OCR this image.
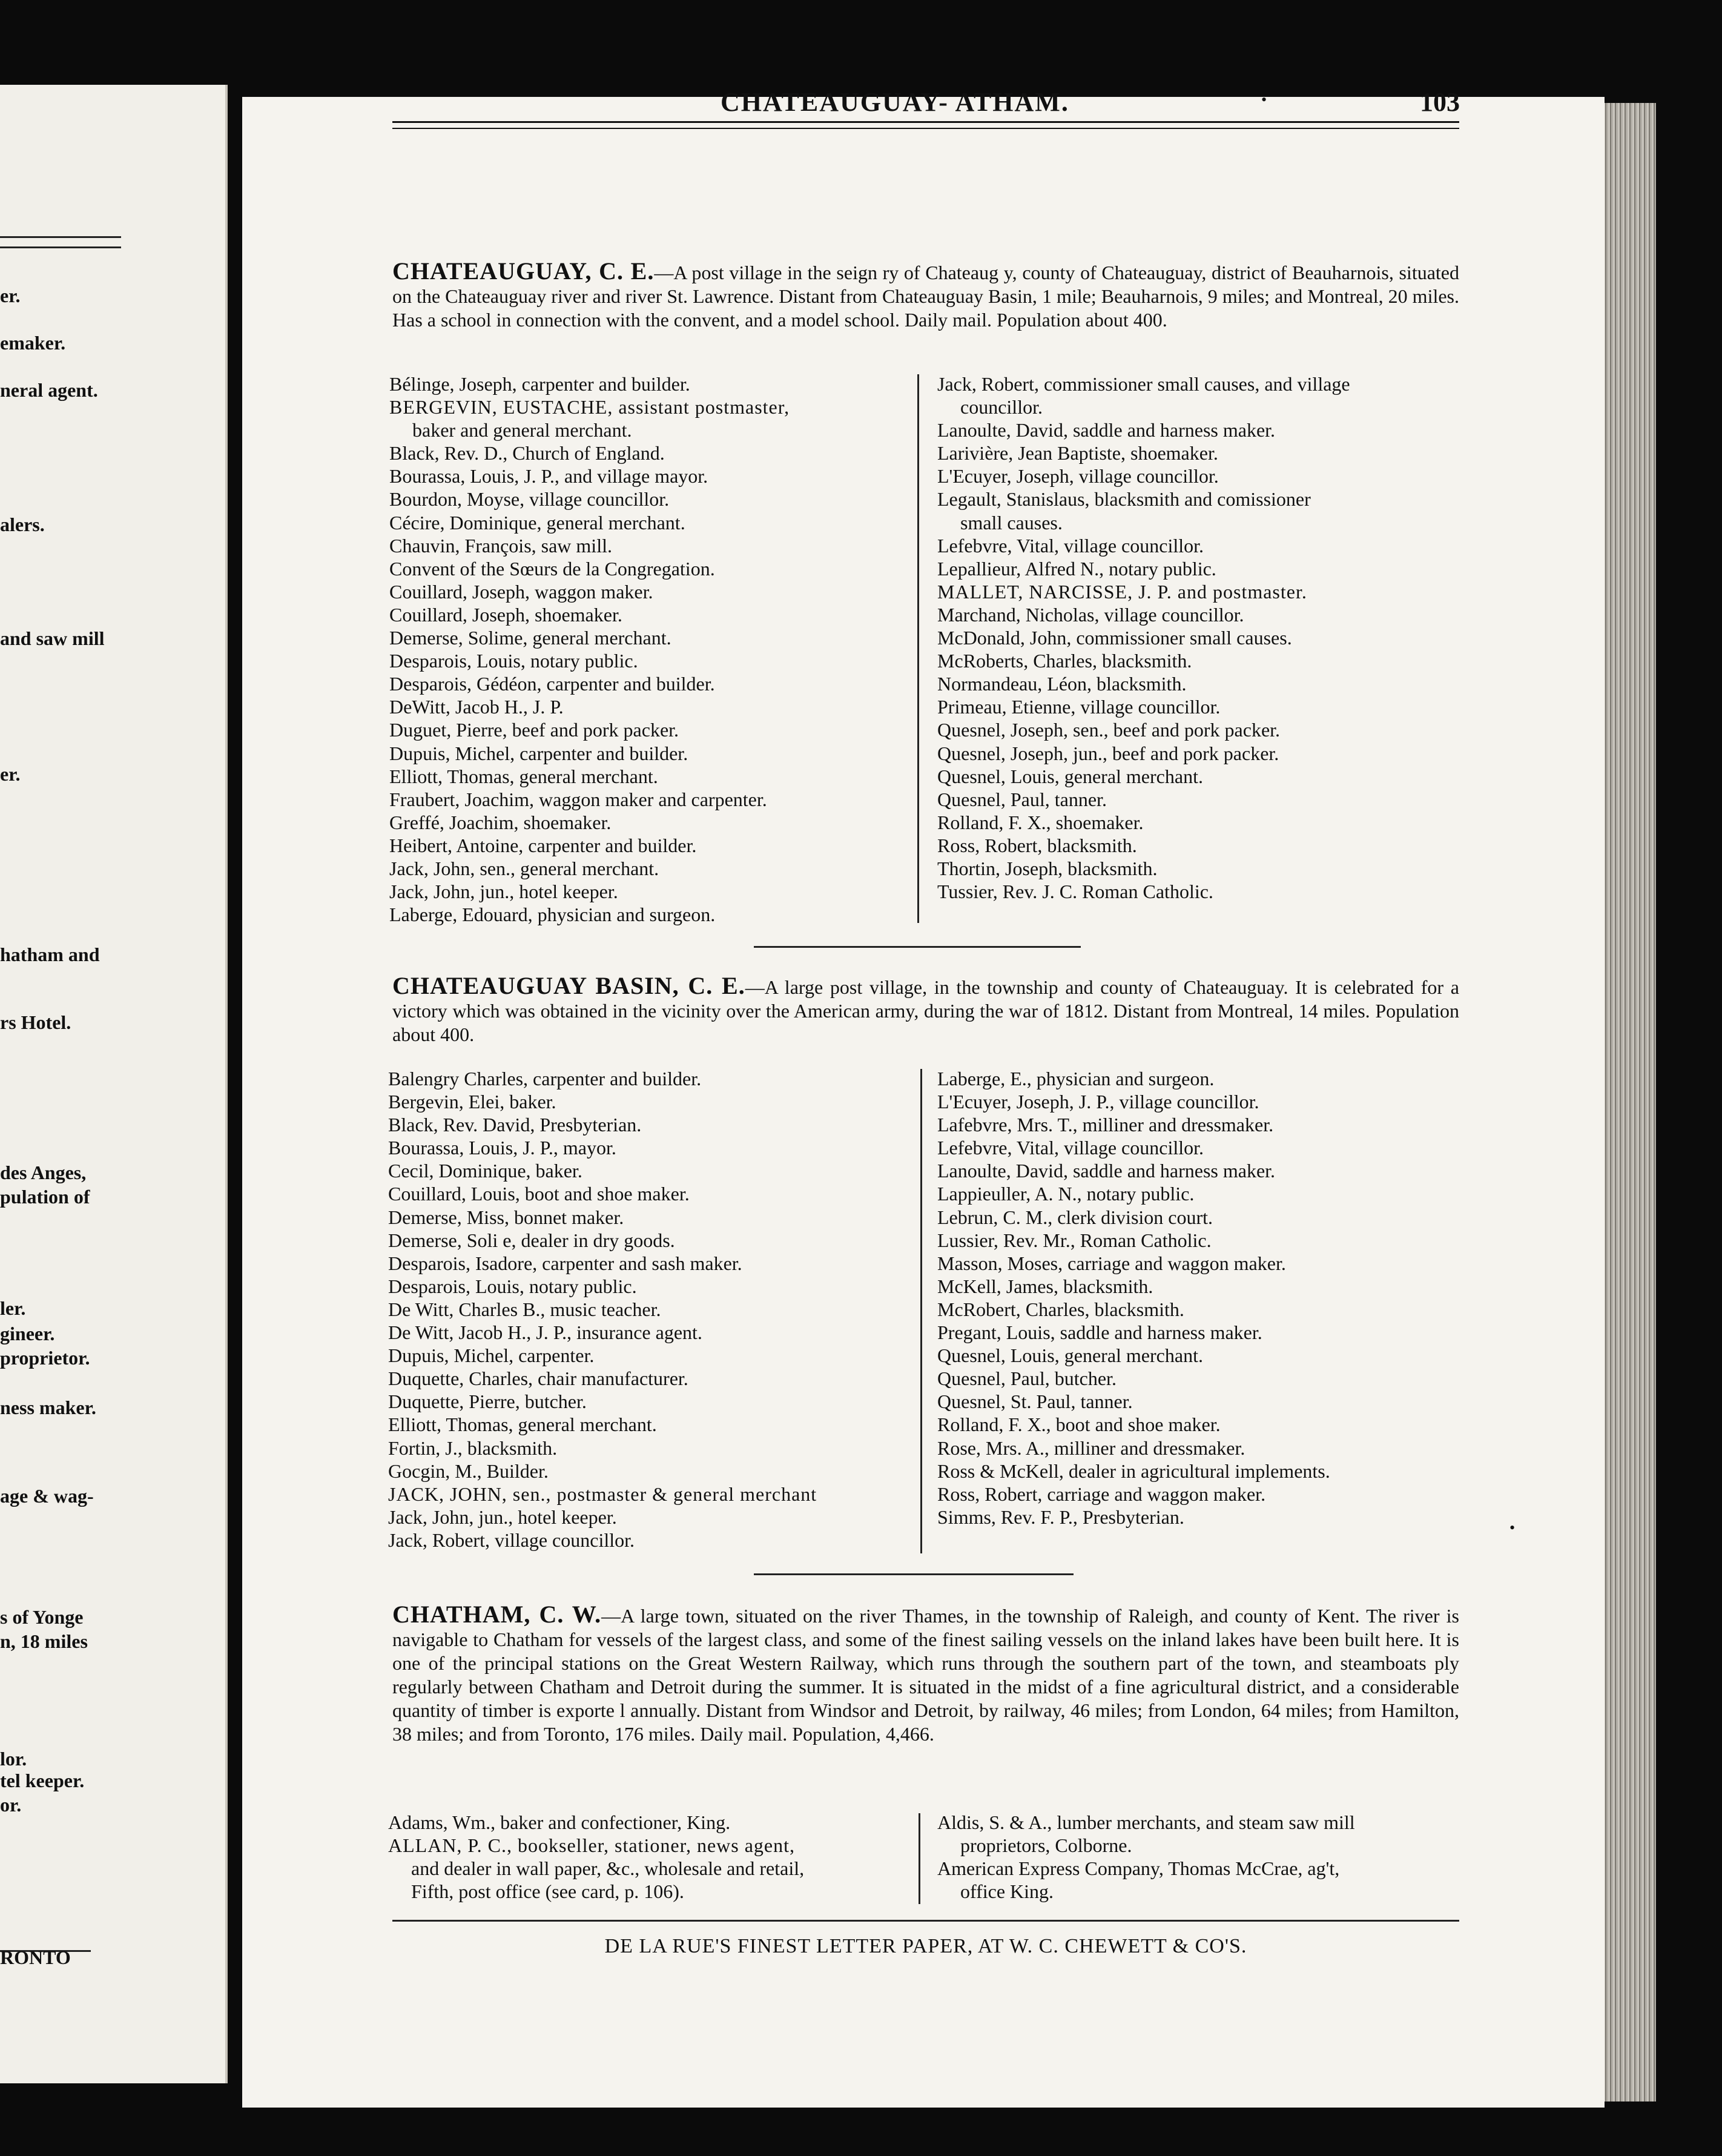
er.
emaker.
neral agent.
alers.
and saw mill
er.
hatham and
rs Hotel.
des Anges,
pulation of
ler.
gineer.
proprietor.
ness maker.
age & wag-
s of Yonge
n, 18 miles
lor.
tel keeper.
or.
RONTO
CHATEAUGUAY- ATHAM.	103
CHATEAUGUAY, C. E.—A post village in the seign ry of Chateaug y, county of Chateauguay, district of Beauharnois, situated on the Chateauguay river and river St. Lawrence. Distant from Chateauguay Basin, 1 mile; Beauharnois, 9 miles; and Montreal, 20 miles. Has a school in connection with the convent, and a model school. Daily mail. Population about 400.
Bélinge, Joseph, carpenter and builder.
BERGEVIN, EUSTACHE, assistant postmaster,
baker and general merchant.
Black, Rev. D., Church of England.
Bourassa, Louis, J. P., and village mayor.
Bourdon, Moyse, village councillor.
Cécire, Dominique, general merchant.
Chauvin, François, saw mill.
Convent of the Sœurs de la Congregation.
Couillard, Joseph, waggon maker.
Couillard, Joseph, shoemaker.
Demerse, Solime, general merchant.
Desparois, Louis, notary public.
Desparois, Gédéon, carpenter and builder.
DeWitt, Jacob H., J. P.
Duguet, Pierre, beef and pork packer.
Dupuis, Michel, carpenter and builder.
Elliott, Thomas, general merchant.
Fraubert, Joachim, waggon maker and carpenter.
Greffé, Joachim, shoemaker.
Heibert, Antoine, carpenter and builder.
Jack, John, sen., general merchant.
Jack, John, jun., hotel keeper.
Laberge, Edouard, physician and surgeon.
Jack, Robert, commissioner small causes, and village
councillor.
Lanoulte, David, saddle and harness maker.
Larivière, Jean Baptiste, shoemaker.
L'Ecuyer, Joseph, village councillor.
Legault, Stanislaus, blacksmith and comissioner
small causes.
Lefebvre, Vital, village councillor.
Lepallieur, Alfred N., notary public.
MALLET, NARCISSE, J. P. and postmaster.
Marchand, Nicholas, village councillor.
McDonald, John, commissioner small causes.
McRoberts, Charles, blacksmith.
Normandeau, Léon, blacksmith.
Primeau, Etienne, village councillor.
Quesnel, Joseph, sen., beef and pork packer.
Quesnel, Joseph, jun., beef and pork packer.
Quesnel, Louis, general merchant.
Quesnel, Paul, tanner.
Rolland, F. X., shoemaker.
Ross, Robert, blacksmith.
Thortin, Joseph, blacksmith.
Tussier, Rev. J. C. Roman Catholic.
CHATEAUGUAY BASIN, C. E.—A large post village, in the township and county of Chateauguay. It is celebrated for a victory which was obtained in the vicinity over the American army, during the war of 1812. Distant from Montreal, 14 miles. Population about 400.
Balengry Charles, carpenter and builder.
Bergevin, Elei, baker.
Black, Rev. David, Presbyterian.
Bourassa, Louis, J. P., mayor.
Cecil, Dominique, baker.
Couillard, Louis, boot and shoe maker.
Demerse, Miss, bonnet maker.
Demerse, Soli e, dealer in dry goods.
Desparois, Isadore, carpenter and sash maker.
Desparois, Louis, notary public.
De Witt, Charles B., music teacher.
De Witt, Jacob H., J. P., insurance agent.
Dupuis, Michel, carpenter.
Duquette, Charles, chair manufacturer.
Duquette, Pierre, butcher.
Elliott, Thomas, general merchant.
Fortin, J., blacksmith.
Gocgin, M., Builder.
JACK, JOHN, sen., postmaster & general merchant
Jack, John, jun., hotel keeper.
Jack, Robert, village councillor.
Laberge, E., physician and surgeon.
L'Ecuyer, Joseph, J. P., village councillor.
Lafebvre, Mrs. T., milliner and dressmaker.
Lefebvre, Vital, village councillor.
Lanoulte, David, saddle and harness maker.
Lappieuller, A. N., notary public.
Lebrun, C. M., clerk division court.
Lussier, Rev. Mr., Roman Catholic.
Masson, Moses, carriage and waggon maker.
McKell, James, blacksmith.
McRobert, Charles, blacksmith.
Pregant, Louis, saddle and harness maker.
Quesnel, Louis, general merchant.
Quesnel, Paul, butcher.
Quesnel, St. Paul, tanner.
Rolland, F. X., boot and shoe maker.
Rose, Mrs. A., milliner and dressmaker.
Ross & McKell, dealer in agricultural implements.
Ross, Robert, carriage and waggon maker.
Simms, Rev. F. P., Presbyterian.
CHATHAM, C. W.—A large town, situated on the river Thames, in the township of Raleigh, and county of Kent. The river is navigable to Chatham for vessels of the largest class, and some of the finest sailing vessels on the inland lakes have been built here. It is one of the principal stations on the Great Western Railway, which runs through the southern part of the town, and steamboats ply regularly between Chatham and Detroit during the summer. It is situated in the midst of a fine agricultural district, and a considerable quantity of timber is exporte l annually. Distant from Windsor and Detroit, by railway, 46 miles; from London, 64 miles; from Hamilton, 38 miles; and from Toronto, 176 miles. Daily mail. Population, 4,466.
Adams, Wm., baker and confectioner, King.
ALLAN, P. C., bookseller, stationer, news agent,
and dealer in wall paper, &c., wholesale and retail,
Fifth, post office (see card, p. 106).
Aldis, S. & A., lumber merchants, and steam saw mill
proprietors, Colborne.
American Express Company, Thomas McCrae, ag't,
office King.
DE LA RUE'S FINEST LETTER PAPER, AT W. C. CHEWETT & CO'S.
•
•
